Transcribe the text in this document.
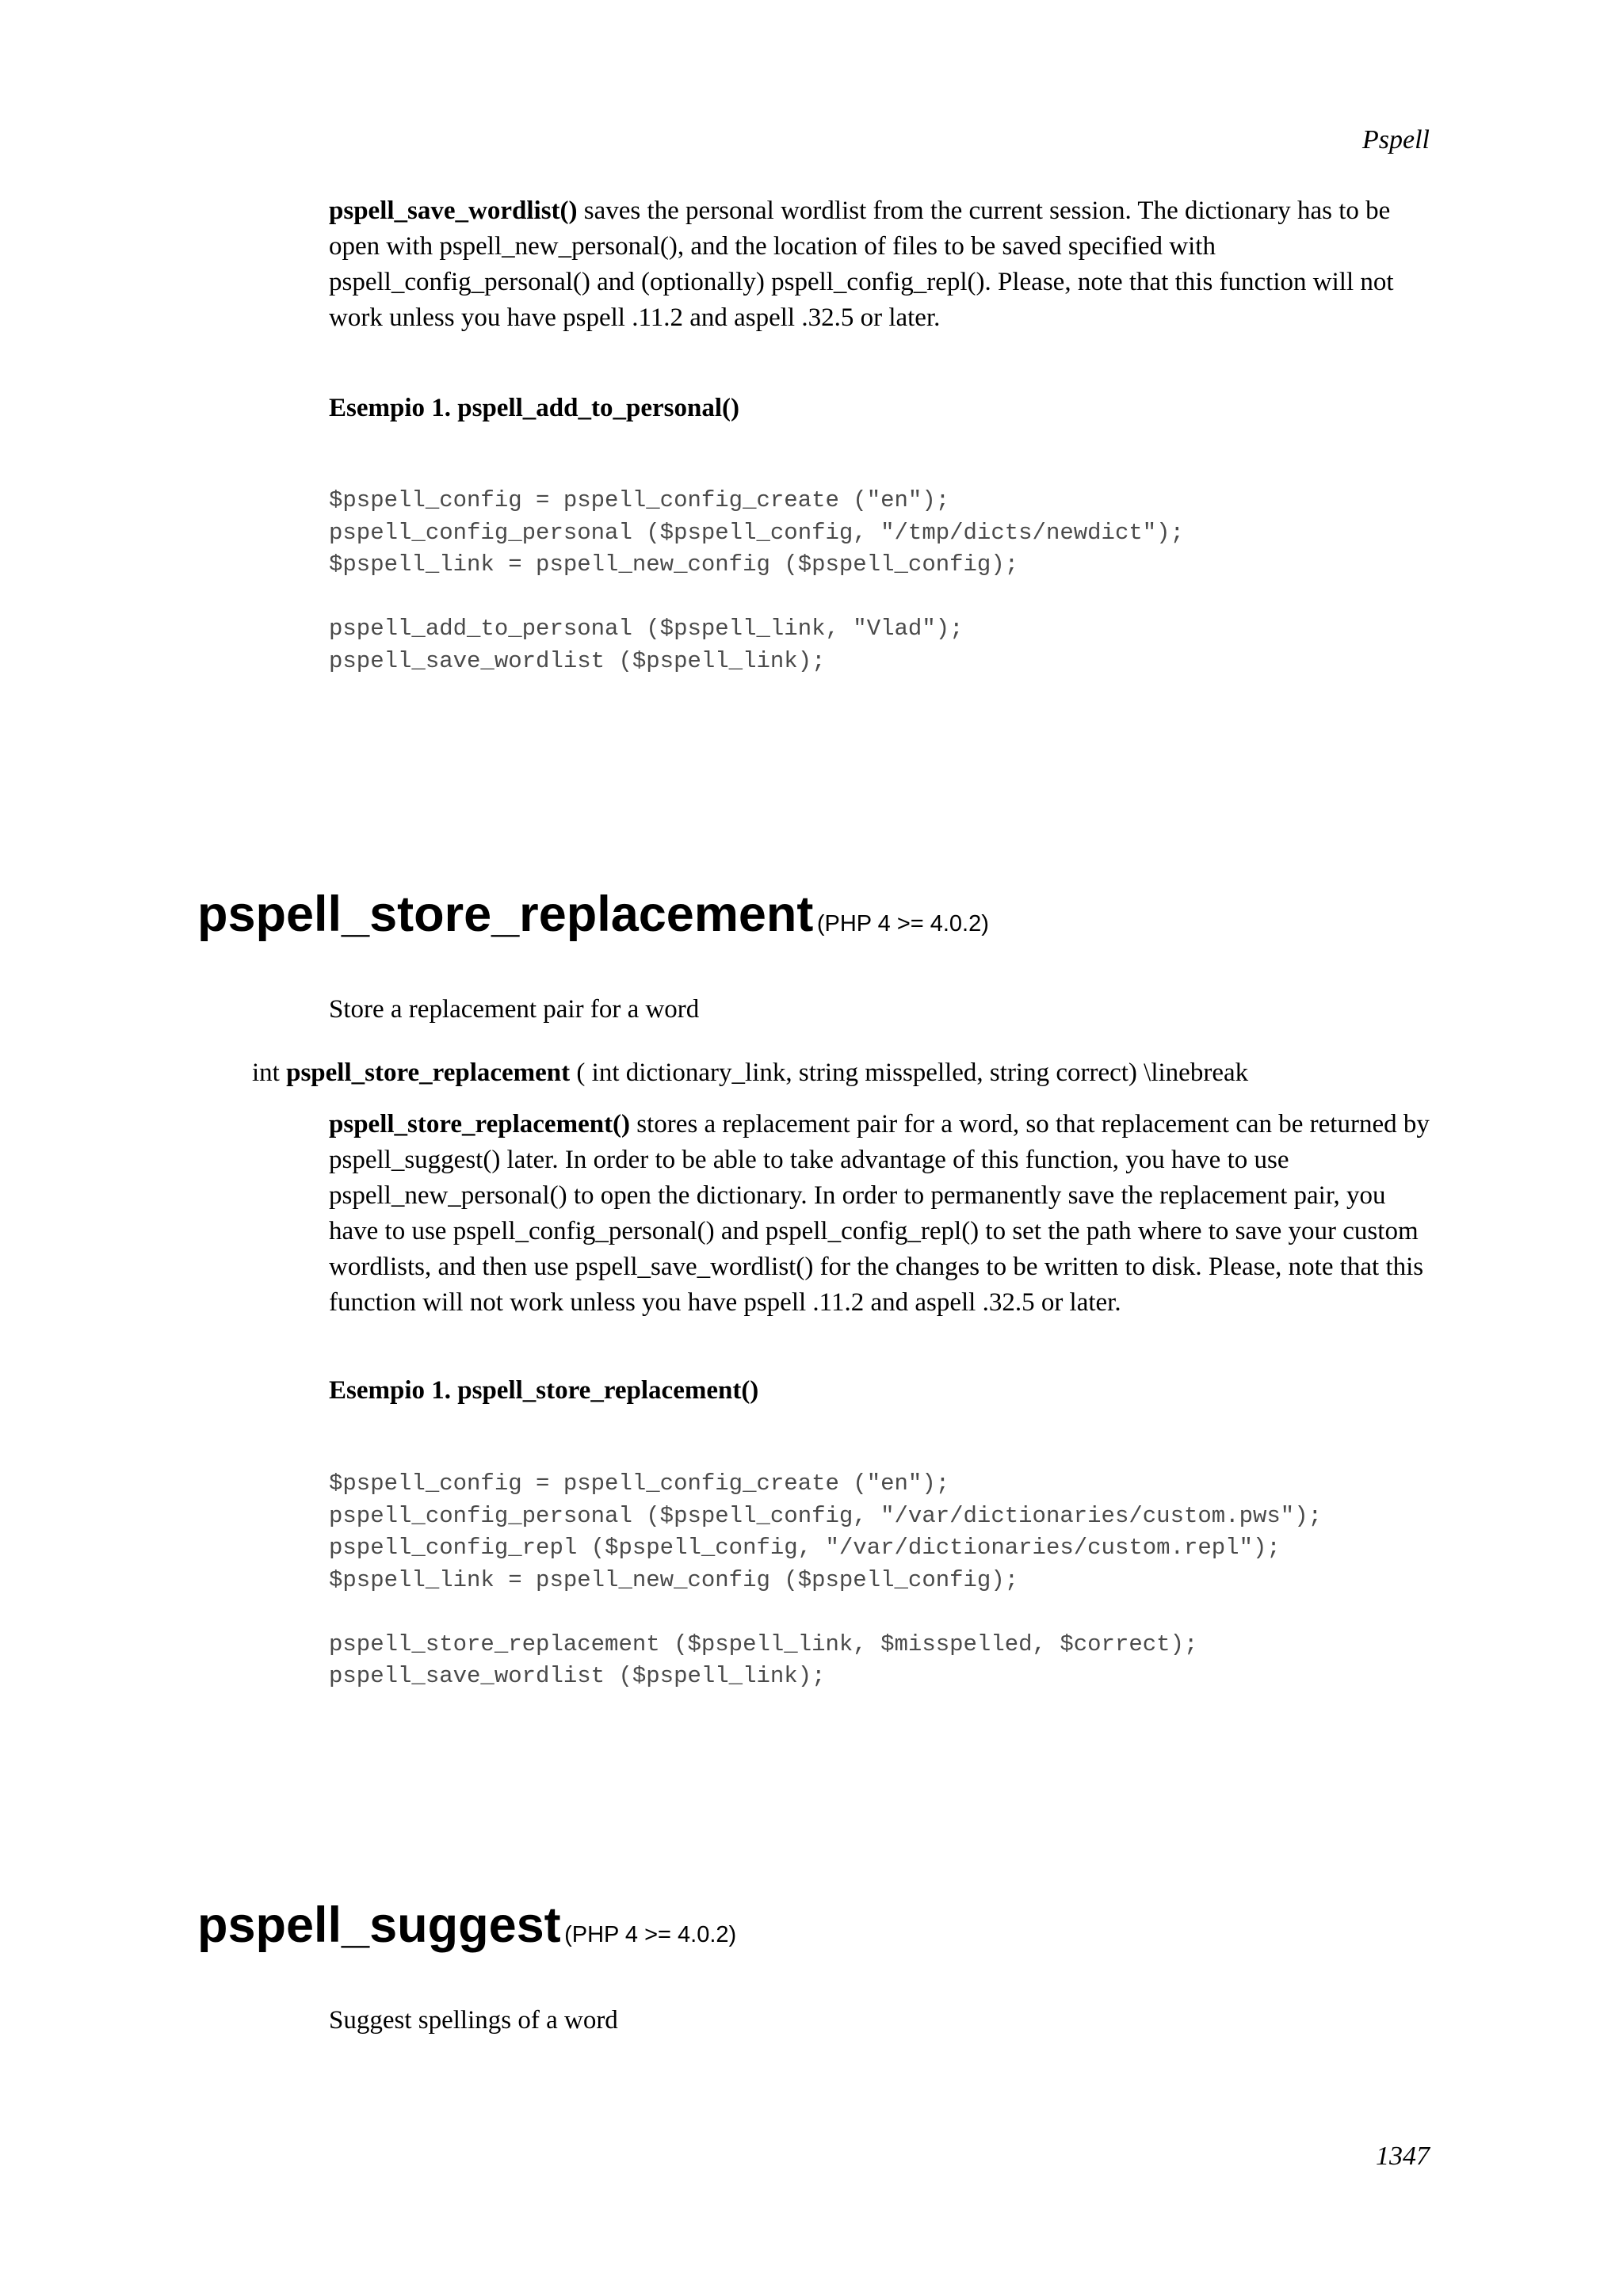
Pspell
pspell_save_wordlist() saves the personal wordlist from the current session. The dictionary has to be open with pspell_new_personal(), and the location of files to be saved specified with pspell_config_personal() and (optionally) pspell_config_repl(). Please, note that this function will not work unless you have pspell .11.2 and aspell .32.5 or later.
Esempio 1. pspell_add_to_personal()
$pspell_config = pspell_config_create ("en");
pspell_config_personal ($pspell_config, "/tmp/dicts/newdict");
$pspell_link = pspell_new_config ($pspell_config);

pspell_add_to_personal ($pspell_link, "Vlad");
pspell_save_wordlist ($pspell_link);
pspell_store_replacement (PHP 4 >= 4.0.2)
Store a replacement pair for a word
int pspell_store_replacement ( int dictionary_link, string misspelled, string correct) \linebreak
pspell_store_replacement() stores a replacement pair for a word, so that replacement can be returned by pspell_suggest() later. In order to be able to take advantage of this function, you have to use pspell_new_personal() to open the dictionary. In order to permanently save the replacement pair, you have to use pspell_config_personal() and pspell_config_repl() to set the path where to save your custom wordlists, and then use pspell_save_wordlist() for the changes to be written to disk. Please, note that this function will not work unless you have pspell .11.2 and aspell .32.5 or later.
Esempio 1. pspell_store_replacement()
$pspell_config = pspell_config_create ("en");
pspell_config_personal ($pspell_config, "/var/dictionaries/custom.pws");
pspell_config_repl ($pspell_config, "/var/dictionaries/custom.repl");
$pspell_link = pspell_new_config ($pspell_config);

pspell_store_replacement ($pspell_link, $misspelled, $correct);
pspell_save_wordlist ($pspell_link);
pspell_suggest (PHP 4 >= 4.0.2)
Suggest spellings of a word
1347
